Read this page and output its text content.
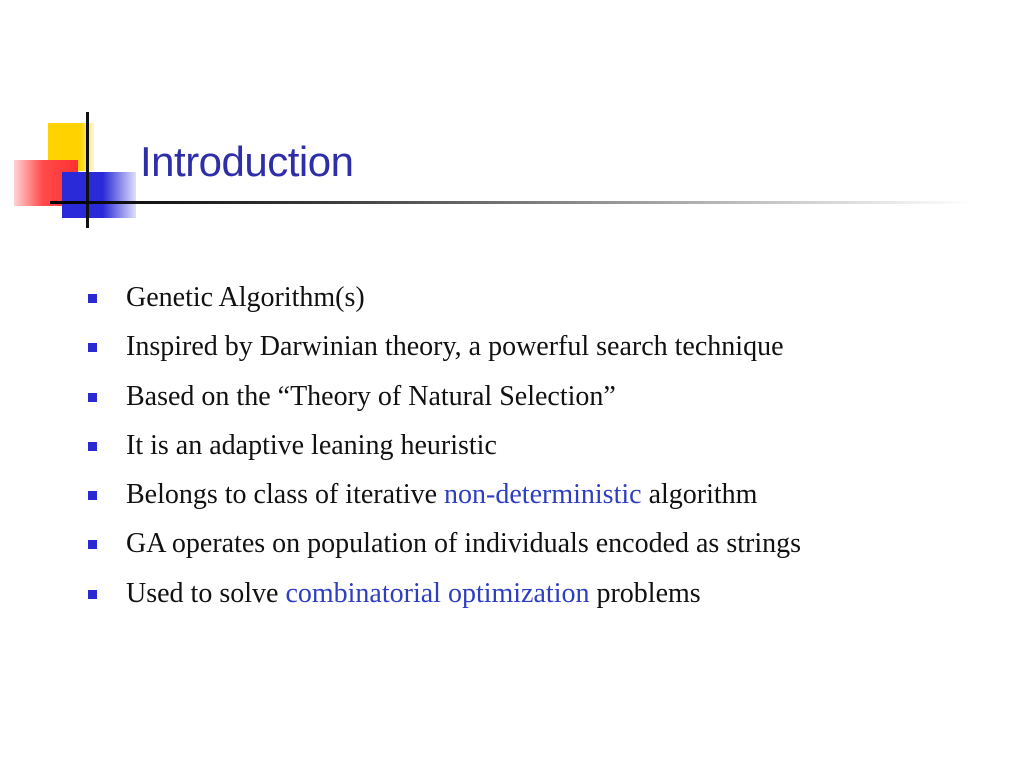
Introduction
Genetic Algorithm(s)
Inspired by Darwinian theory, a powerful search technique
Based on the “Theory of Natural Selection”
It is an adaptive leaning heuristic
Belongs to class of iterative non-deterministic algorithm
GA operates on population of individuals encoded as strings
Used to solve combinatorial optimization problems
